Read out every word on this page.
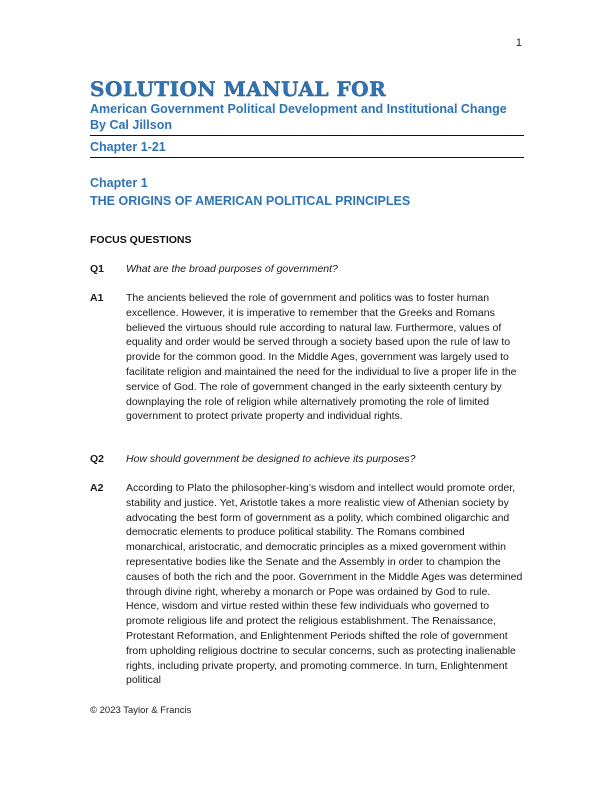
1
SOLUTION MANUAL FOR
American Government Political Development and Institutional Change By Cal Jillson
Chapter 1-21
Chapter 1
THE ORIGINS OF AMERICAN POLITICAL PRINCIPLES
FOCUS QUESTIONS
Q1	What are the broad purposes of government?
A1	The ancients believed the role of government and politics was to foster human excellence. However, it is imperative to remember that the Greeks and Romans believed the virtuous should rule according to natural law. Furthermore, values of equality and order would be served through a society based upon the rule of law to provide for the common good. In the Middle Ages, government was largely used to facilitate religion and maintained the need for the individual to live a proper life in the service of God. The role of government changed in the early sixteenth century by downplaying the role of religion while alternatively promoting the role of limited government to protect private property and individual rights.
Q2	How should government be designed to achieve its purposes?
A2	According to Plato the philosopher-king’s wisdom and intellect would promote order, stability and justice. Yet, Aristotle takes a more realistic view of Athenian society by advocating the best form of government as a polity, which combined oligarchic and democratic elements to produce political stability. The Romans combined monarchical, aristocratic, and democratic principles as a mixed government within representative bodies like the Senate and the Assembly in order to champion the causes of both the rich and the poor. Government in the Middle Ages was determined through divine right, whereby a monarch or Pope was ordained by God to rule. Hence, wisdom and virtue rested within these few individuals who governed to promote religious life and protect the religious establishment. The Renaissance, Protestant Reformation, and Enlightenment Periods shifted the role of government from upholding religious doctrine to secular concerns, such as protecting inalienable rights, including private property, and promoting commerce. In turn, Enlightenment political
© 2023 Taylor & Francis
